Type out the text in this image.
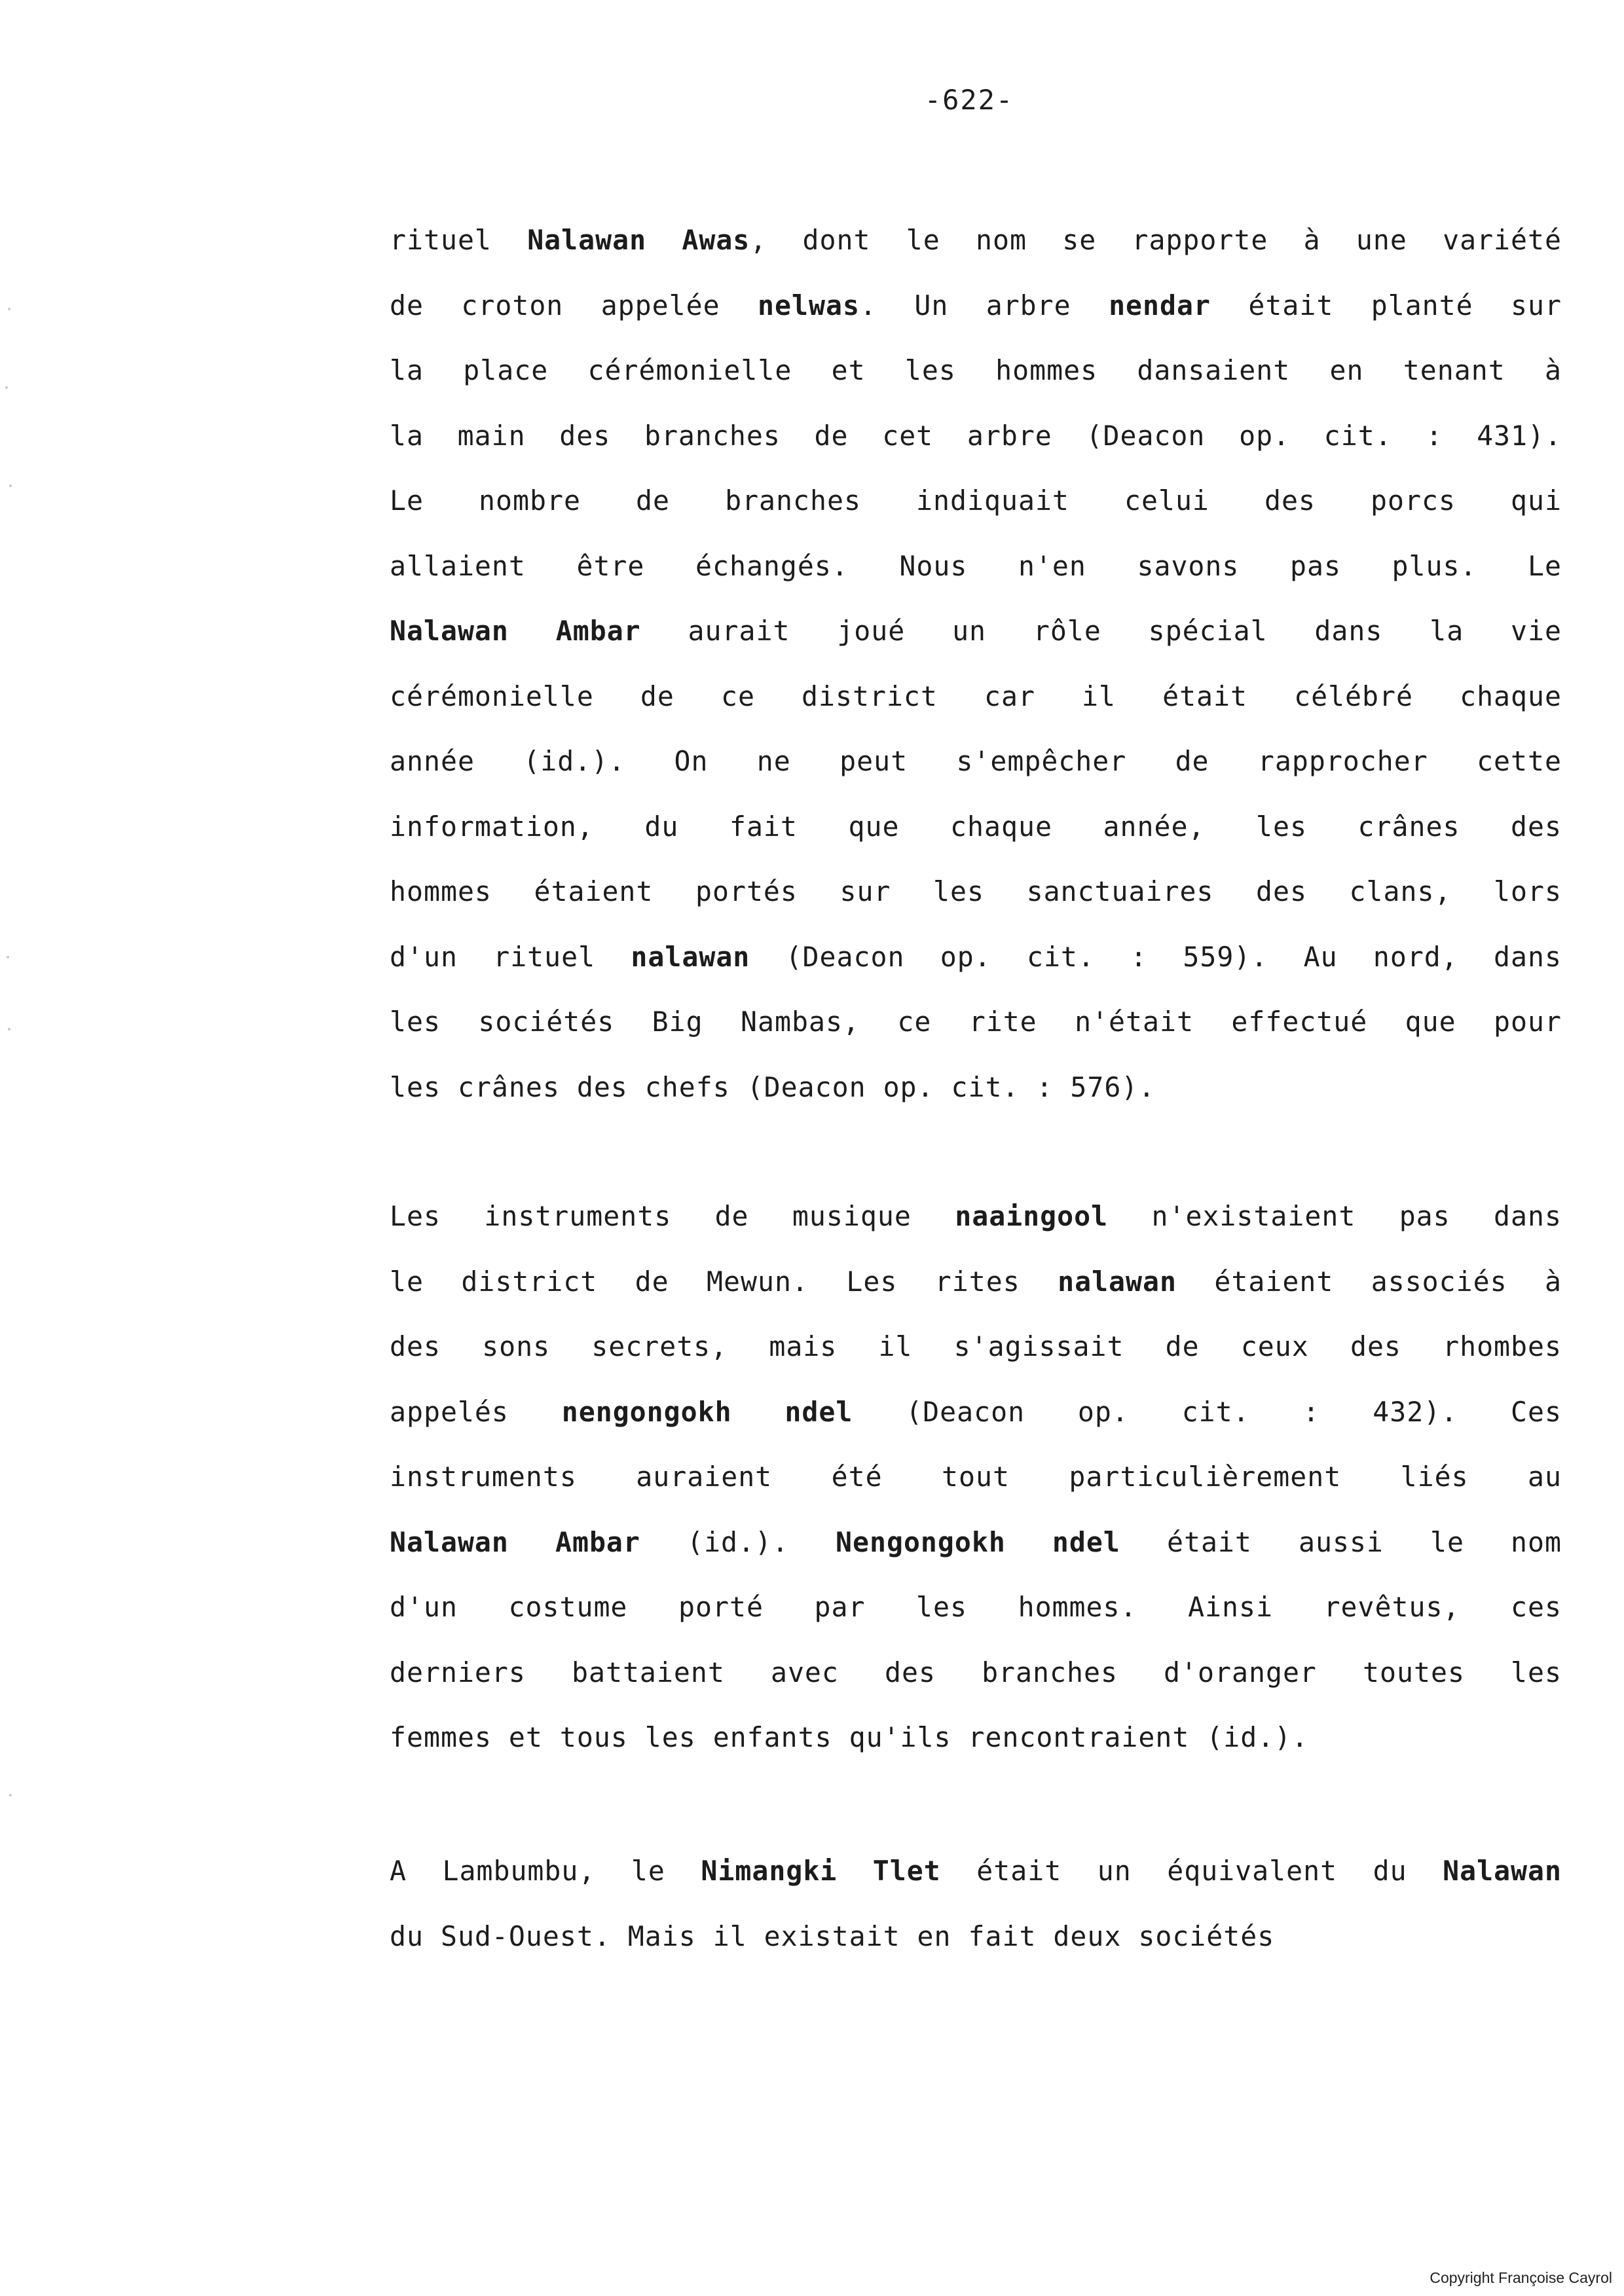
-622-
rituel Nalawan Awas, dont le nom se rapporte à une variété
de croton appelée nelwas. Un arbre nendar était planté sur
la place cérémonielle et les hommes dansaient en tenant à
la main des branches de cet arbre (Deacon op. cit. : 431).
Le nombre de branches indiquait celui des porcs qui
allaient être échangés. Nous n'en savons pas plus. Le
Nalawan Ambar aurait joué un rôle spécial dans la vie
cérémonielle de ce district car il était célébré chaque
année (id.). On ne peut s'empêcher de rapprocher cette
information, du fait que chaque année, les crânes des
hommes étaient portés sur les sanctuaires des clans, lors
d'un rituel nalawan (Deacon op. cit. : 559). Au nord, dans
les sociétés Big Nambas, ce rite n'était effectué que pour
les crânes des chefs (Deacon op. cit. : 576).
Les instruments de musique naaingool n'existaient pas dans
le district de Mewun. Les rites nalawan étaient associés à
des sons secrets, mais il s'agissait de ceux des rhombes
appelés nengongokh ndel (Deacon op. cit. : 432). Ces
instruments auraient été tout particulièrement liés au
Nalawan Ambar (id.). Nengongokh ndel était aussi le nom
d'un costume porté par les hommes. Ainsi revêtus, ces
derniers battaient avec des branches d'oranger toutes les
femmes et tous les enfants qu'ils rencontraient (id.).
A Lambumbu, le Nimangki Tlet était un équivalent du Nalawan
du Sud-Ouest. Mais il existait en fait deux sociétés
Copyright Françoise Cayrol
